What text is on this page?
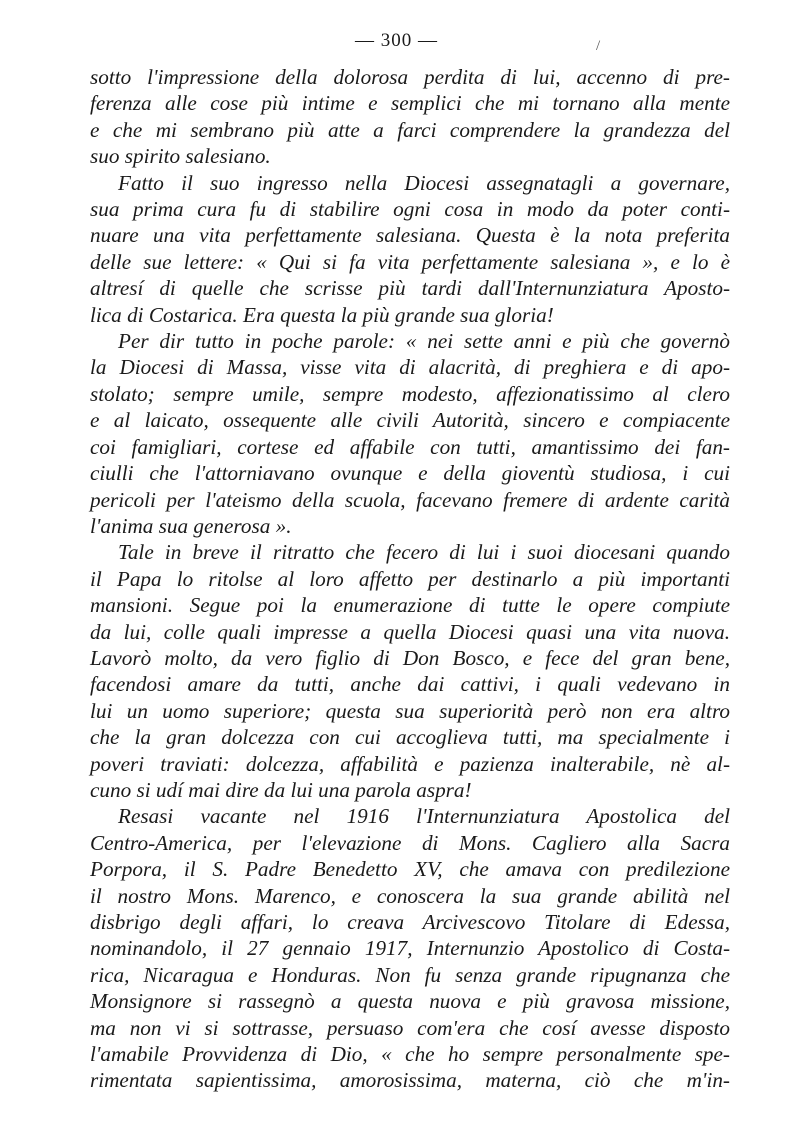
— 300 —	/
sotto l'impressione della dolorosa perdita di lui, accenno di pre-
ferenza alle cose più intime e semplici che mi tornano alla mente
e che mi sembrano più atte a farci comprendere la grandezza del
suo spirito salesiano.
Fatto il suo ingresso nella Diocesi assegnatagli a governare,
sua prima cura fu di stabilire ogni cosa in modo da poter conti-
nuare una vita perfettamente salesiana. Questa è la nota preferita
delle sue lettere: « Qui si fa vita perfettamente salesiana », e lo è
altresí di quelle che scrisse più tardi dall'Internunziatura Aposto-
lica di Costarica. Era questa la più grande sua gloria!
Per dir tutto in poche parole: « nei sette anni e più che governò
la Diocesi di Massa, visse vita di alacrità, di preghiera e di apo-
stolato; sempre umile, sempre modesto, affezionatissimo al clero
e al laicato, ossequente alle civili Autorità, sincero e compiacente
coi famigliari, cortese ed affabile con tutti, amantissimo dei fan-
ciulli che l'attorniavano ovunque e della gioventù studiosa, i cui
pericoli per l'ateismo della scuola, facevano fremere di ardente carità
l'anima sua generosa ».
Tale in breve il ritratto che fecero di lui i suoi diocesani quando
il Papa lo ritolse al loro affetto per destinarlo a più importanti
mansioni. Segue poi la enumerazione di tutte le opere compiute
da lui, colle quali impresse a quella Diocesi quasi una vita nuova.
Lavorò molto, da vero figlio di Don Bosco, e fece del gran bene,
facendosi amare da tutti, anche dai cattivi, i quali vedevano in
lui un uomo superiore; questa sua superiorità però non era altro
che la gran dolcezza con cui accoglieva tutti, ma specialmente i
poveri traviati: dolcezza, affabilità e pazienza inalterabile, nè al-
cuno si udí mai dire da lui una parola aspra!
Resasi vacante nel 1916 l'Internunziatura Apostolica del
Centro-America, per l'elevazione di Mons. Cagliero alla Sacra
Porpora, il S. Padre Benedetto XV, che amava con predilezione
il nostro Mons. Marenco, e conoscera la sua grande abilità nel
disbrigo degli affari, lo creava Arcivescovo Titolare di Edessa,
nominandolo, il 27 gennaio 1917, Internunzio Apostolico di Costa-
rica, Nicaragua e Honduras. Non fu senza grande ripugnanza che
Monsignore si rassegnò a questa nuova e più gravosa missione,
ma non vi si sottrasse, persuaso com'era che cosí avesse disposto
l'amabile Provvidenza di Dio, « che ho sempre personalmente spe-
rimentata sapientissima, amorosissima, materna, ciò che m'in-
